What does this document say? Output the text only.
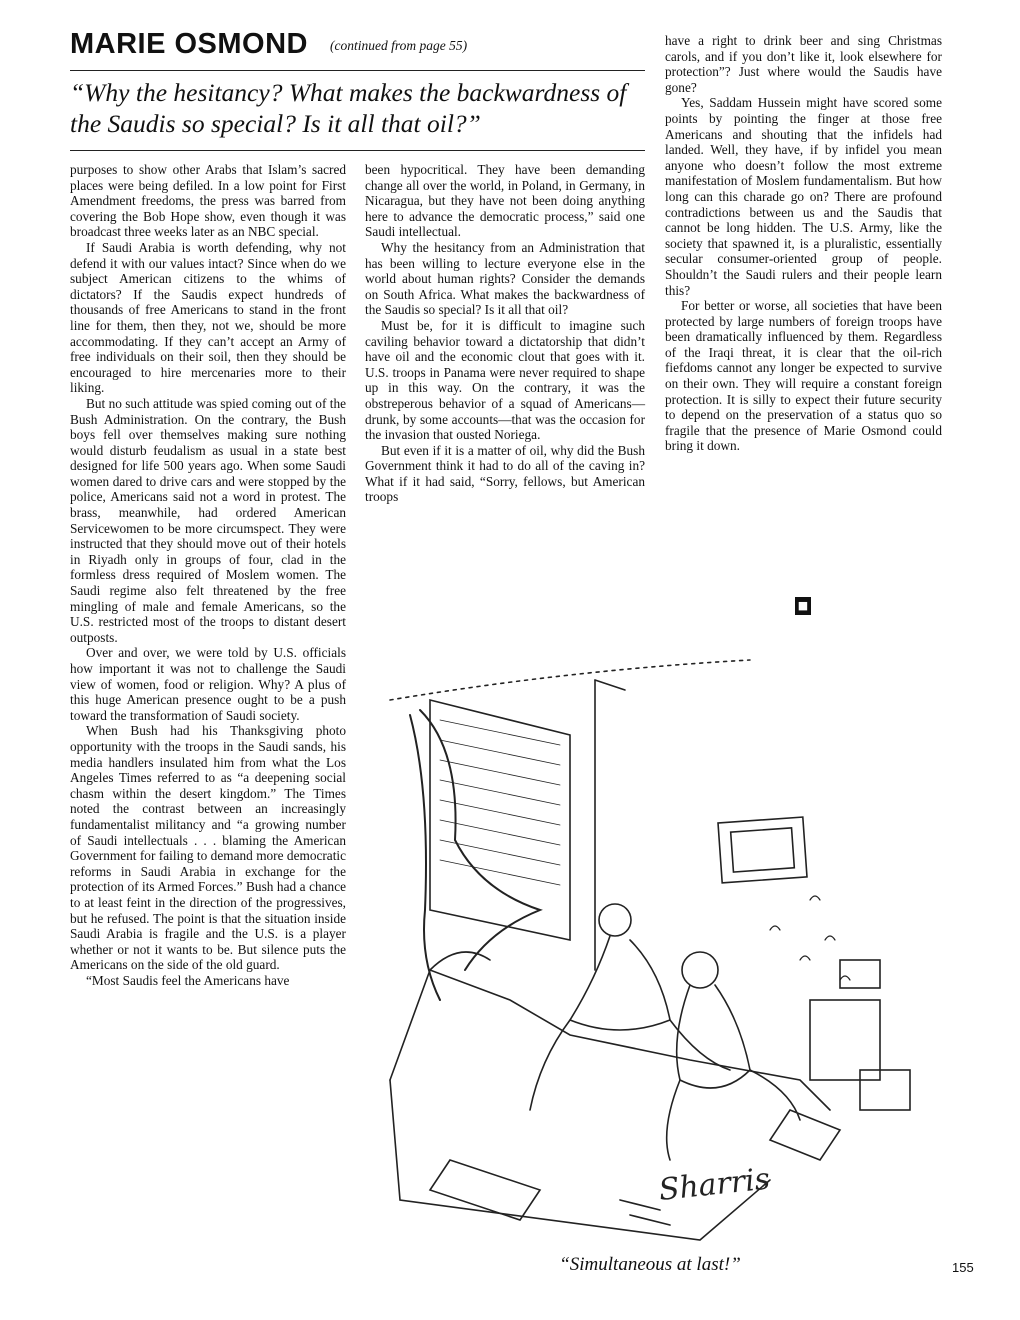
MARIE OSMOND (continued from page 55)
“Why the hesitancy? What makes the backwardness of the Saudis so special? Is it all that oil?”

purposes to show other Arabs that Islam’s sacred places were being defiled. In a low point for First Amendment freedoms, the press was barred from covering the Bob Hope show, even though it was broadcast three weeks later as an NBC special.

If Saudi Arabia is worth defending, why not defend it with our values intact? Since when do we subject American citizens to the whims of dictators? If the Saudis expect hundreds of thousands of free Americans to stand in the front line for them, then they, not we, should be more accommodating. If they can’t accept an Army of free individuals on their soil, then they should be encouraged to hire mercenaries more to their liking.

But no such attitude was spied coming out of the Bush Administration. On the contrary, the Bush boys fell over themselves making sure nothing would disturb feudalism as usual in a state best designed for life 500 years ago. When some Saudi women dared to drive cars and were stopped by the police, Americans said not a word in protest. The brass, meanwhile, had ordered American Servicewomen to be more circumspect. They were instructed that they should move out of their hotels in Riyadh only in groups of four, clad in the formless dress required of Moslem women. The Saudi regime also felt threatened by the free mingling of male and female Americans, so the U.S. restricted most of the troops to distant desert outposts.

Over and over, we were told by U.S. officials how important it was not to challenge the Saudi view of women, food or religion. Why? A plus of this huge American presence ought to be a push toward the transformation of Saudi society.

When Bush had his Thanksgiving photo opportunity with the troops in the Saudi sands, his media handlers insulated him from what the Los Angeles Times referred to as “a deepening social chasm within the desert kingdom.” The Times noted the contrast between an increasingly fundamentalist militancy and “a growing number of Saudi intellectuals . . . blaming the American Government for failing to demand more democratic reforms in Saudi Arabia in exchange for the protection of its Armed Forces.” Bush had a chance to at least feint in the direction of the progressives, but he refused. The point is that the situation inside Saudi Arabia is fragile and the U.S. is a player whether or not it wants to be. But silence puts the Americans on the side of the old guard.

“Most Saudis feel the Americans have

been hypocritical. They have been demanding change all over the world, in Poland, in Germany, in Nicaragua, but they have not been doing anything here to advance the democratic process,” said one Saudi intellectual.

Why the hesitancy from an Administration that has been willing to lecture everyone else in the world about human rights? Consider the demands on South Africa. What makes the backwardness of the Saudis so special? Is it all that oil?

Must be, for it is difficult to imagine such caviling behavior toward a dictatorship that didn’t have oil and the economic clout that goes with it. U.S. troops in Panama were never required to shape up in this way. On the contrary, it was the obstreperous behavior of a squad of Americans—drunk, by some accounts—that was the occasion for the invasion that ousted Noriega.

But even if it is a matter of oil, why did the Bush Government think it had to do all of the caving in? What if it had said, “Sorry, fellows, but American troops

have a right to drink beer and sing Christmas carols, and if you don’t like it, look elsewhere for protection”? Just where would the Saudis have gone?

Yes, Saddam Hussein might have scored some points by pointing the finger at those free Americans and shouting that the infidels had landed. Well, they have, if by infidel you mean anyone who doesn’t follow the most extreme manifestation of Moslem fundamentalism. But how long can this charade go on? There are profound contradictions between us and the Saudis that cannot be long hidden. The U.S. Army, like the society that spawned it, is a pluralistic, essentially secular consumer-oriented group of people. Shouldn’t the Saudi rulers and their people learn this?

For better or worse, all societies that have been protected by large numbers of foreign troops have been dramatically influenced by them. Regardless of the Iraqi threat, it is clear that the oil-rich fiefdoms cannot any longer be expected to survive on their own. They will require a constant foreign protection. It is silly to expect their future security to depend on the preservation of a status quo so fragile that the presence of Marie Osmond could bring it down.

■
Sharris
“Simultaneous at last!”	155
